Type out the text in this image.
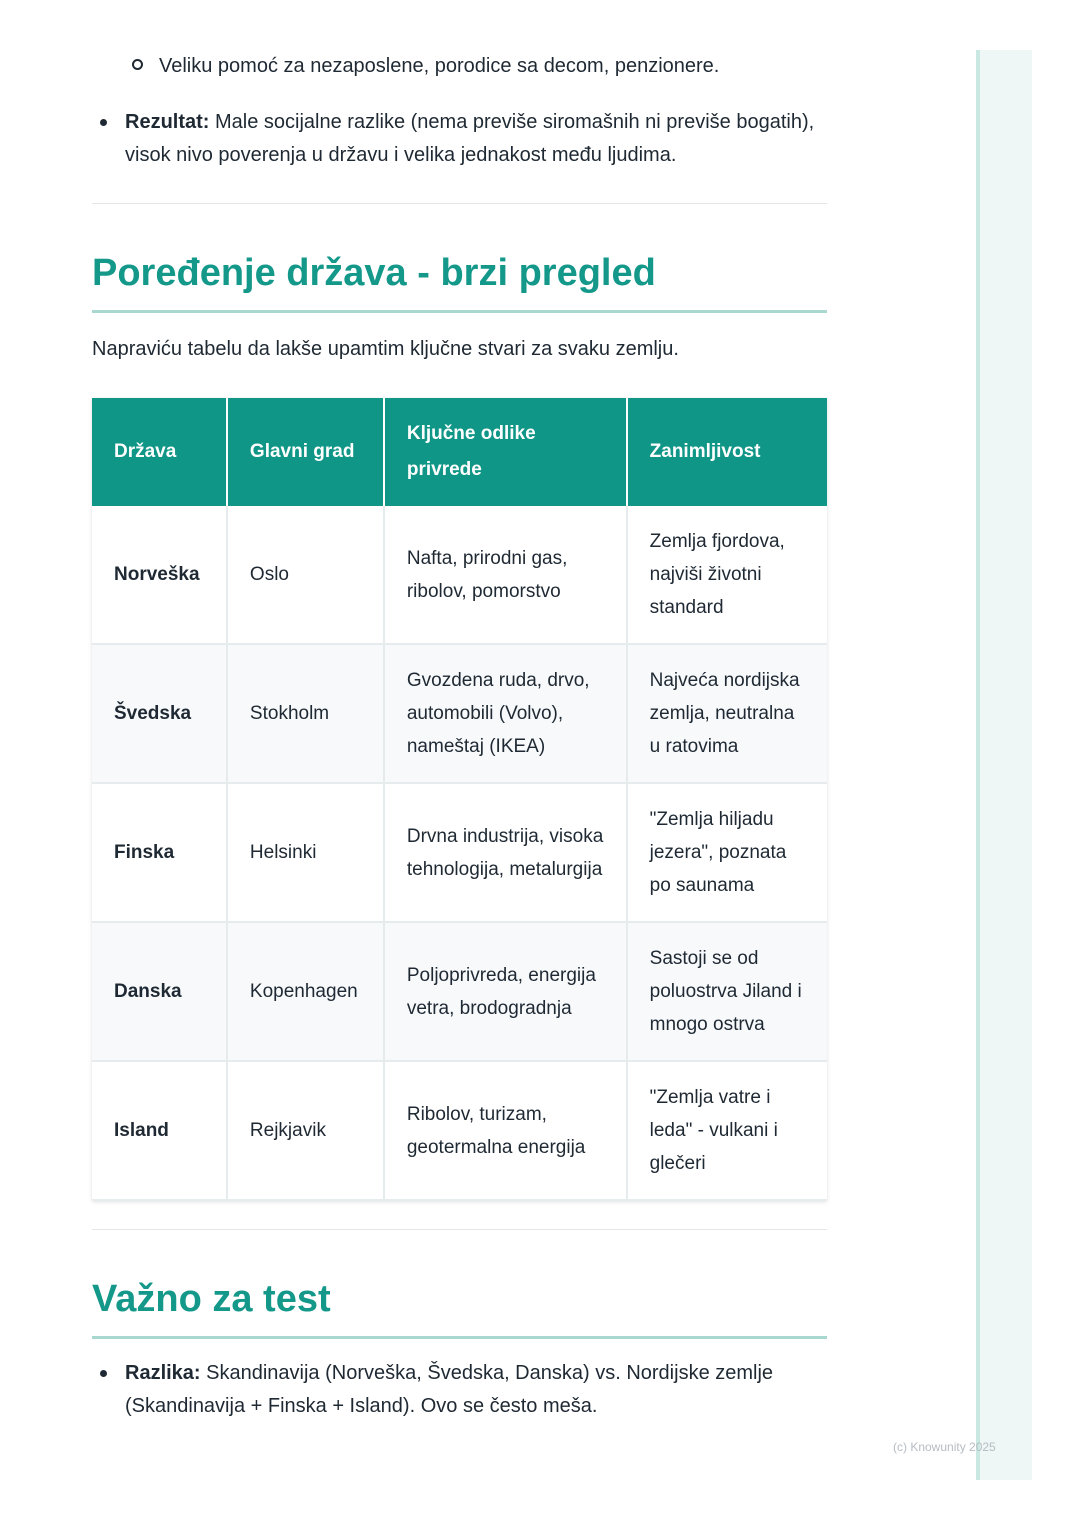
Veliku pomoć za nezaposlene, porodice sa decom, penzionere.
Rezultat: Male socijalne razlike (nema previše siromašnih ni previše bogatih), visok nivo poverenja u državu i velika jednakost među ljudima.
Poređenje država - brzi pregled
Napraviću tabelu da lakše upamtim ključne stvari za svaku zemlju.
Država	Glavni grad	Ključne odlike privrede	Zanimljivost
Norveška	Oslo	Nafta, prirodni gas, ribolov, pomorstvo	Zemlja fjordova, najviši životni standard
Švedska	Stokholm	Gvozdena ruda, drvo, automobili (Volvo), nameštaj (IKEA)	Najveća nordijska zemlja, neutralna u ratovima
Finska	Helsinki	Drvna industrija, visoka tehnologija, metalurgija	"Zemlja hiljadu jezera", poznata po saunama
Danska	Kopenhagen	Poljoprivreda, energija vetra, brodogradnja	Sastoji se od poluostrva Jiland i mnogo ostrva
Island	Rejkjavik	Ribolov, turizam, geotermalna energija	"Zemlja vatre i leda" - vulkani i glečeri
Važno za test
Razlika: Skandinavija (Norveška, Švedska, Danska) vs. Nordijske zemlje (Skandinavija + Finska + Island). Ovo se često meša.
(c) Knowunity 2025
